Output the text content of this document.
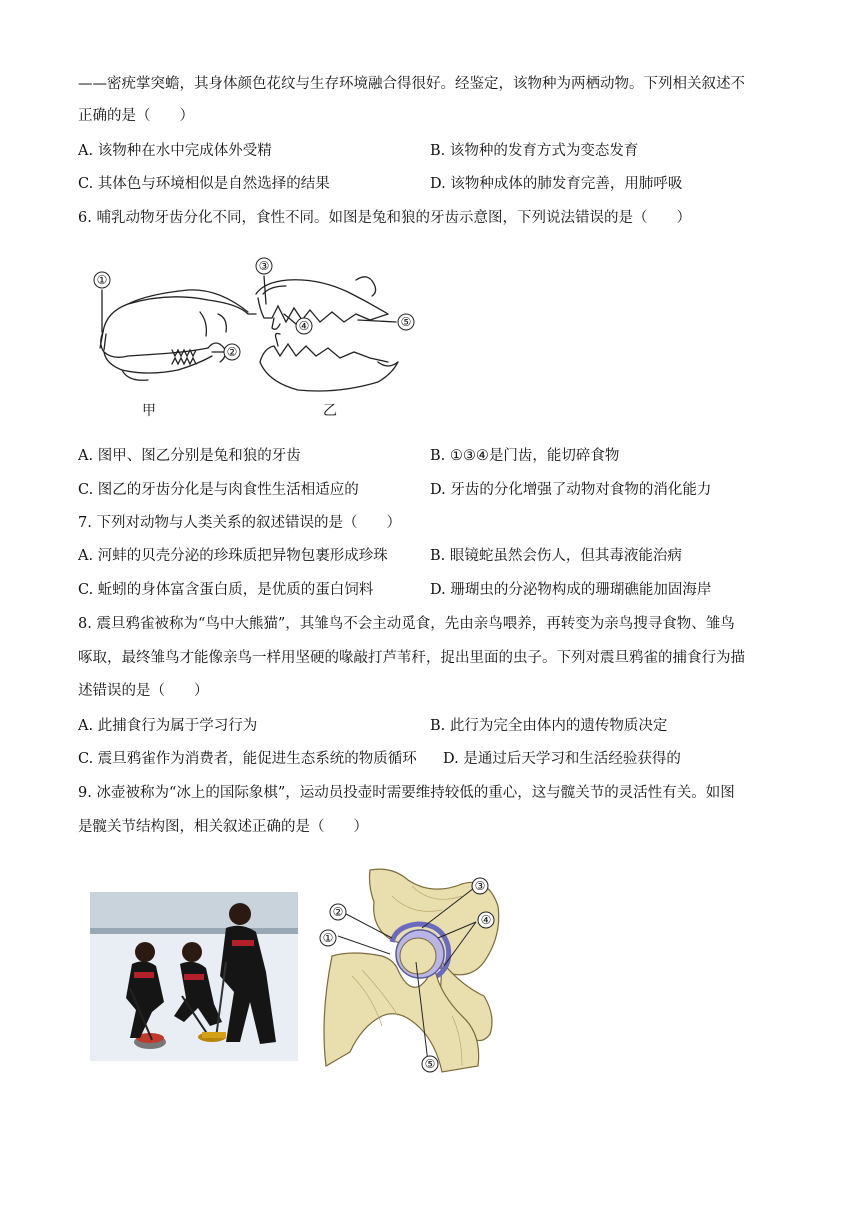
——密疣掌突蟾，其身体颜色花纹与生存环境融合得很好。经鉴定，该物种为两栖动物。下列相关叙述不
正确的是（　　）
A. 该物种在水中完成体外受精	B. 该物种的发育方式为变态发育
C. 其体色与环境相似是自然选择的结果	D. 该物种成体的肺发育完善，用肺呼吸
6. 哺乳动物牙齿分化不同，食性不同。如图是兔和狼的牙齿示意图，下列说法错误的是（　　）
①
②
③
④	⑤
甲	乙
A. 图甲、图乙分别是兔和狼的牙齿	B. ①③④是门齿，能切碎食物
C. 图乙的牙齿分化是与肉食性生活相适应的	D. 牙齿的分化增强了动物对食物的消化能力
7. 下列对动物与人类关系的叙述错误的是（　　）
A. 河蚌的贝壳分泌的珍珠质把异物包裹形成珍珠	B. 眼镜蛇虽然会伤人，但其毒液能治病
C. 蚯蚓的身体富含蛋白质，是优质的蛋白饲料	D. 珊瑚虫的分泌物构成的珊瑚礁能加固海岸
8. 震旦鸦雀被称为“鸟中大熊猫”，其雏鸟不会主动觅食，先由亲鸟喂养，再转变为亲鸟搜寻食物、雏鸟
啄取，最终雏鸟才能像亲鸟一样用坚硬的喙敲打芦苇秆，捉出里面的虫子。下列对震旦鸦雀的捕食行为描
述错误的是（　　）
A. 此捕食行为属于学习行为	B. 此行为完全由体内的遗传物质决定
C. 震旦鸦雀作为消费者，能促进生态系统的物质循环 D. 是通过后天学习和生活经验获得的
9. 冰壶被称为“冰上的国际象棋”，运动员投壶时需要维持较低的重心，这与髋关节的灵活性有关。如图
是髋关节结构图，相关叙述正确的是（　　）
①
②
③
④
⑤
